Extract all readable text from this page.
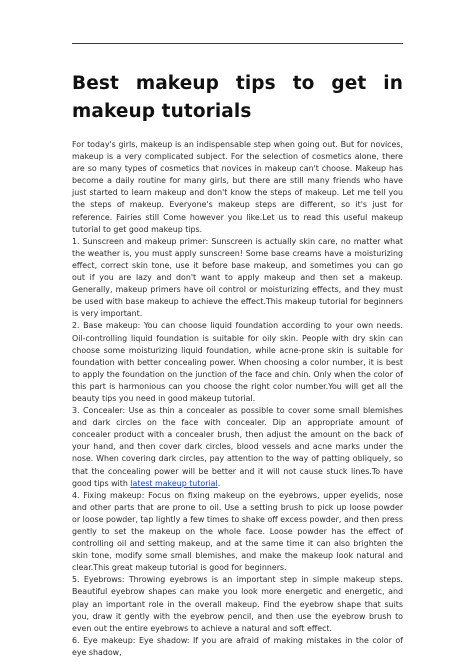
Best makeup tips to get in makeup tutorials

For today's girls, makeup is an indispensable step when going out. But for novices, makeup is a very complicated subject. For the selection of cosmetics alone, there are so many types of cosmetics that novices in makeup can't choose. Makeup has become a daily routine for many girls, but there are still many friends who have just started to learn makeup and don't know the steps of makeup. Let me tell you the steps of makeup. Everyone's makeup steps are different, so it's just for reference. Fairies still Come however you like.Let us to read this useful makeup tutorial to get good makeup tips.

1. Sunscreen and makeup primer: Sunscreen is actually skin care, no matter what the weather is, you must apply sunscreen! Some base creams have a moisturizing effect, correct skin tone, use it before base makeup, and sometimes you can go out if you are lazy and don't want to apply makeup and then set a makeup. Generally, makeup primers have oil control or moisturizing effects, and they must be used with base makeup to achieve the effect.This makeup tutorial for beginners is very important.

2. Base makeup: You can choose liquid foundation according to your own needs. Oil-controlling liquid foundation is suitable for oily skin. People with dry skin can choose some moisturizing liquid foundation, while acne-prone skin is suitable for foundation with better concealing power. When choosing a color number, it is best to apply the foundation on the junction of the face and chin. Only when the color of this part is harmonious can you choose the right color number.You will get all the beauty tips you need in good makeup tutorial.

3. Concealer: Use as thin a concealer as possible to cover some small blemishes and dark circles on the face with concealer. Dip an appropriate amount of concealer product with a concealer brush, then adjust the amount on the back of your hand, and then cover dark circles, blood vessels and acne marks under the nose. When covering dark circles, pay attention to the way of patting obliquely, so that the concealing power will be better and it will not cause stuck lines.To have good tips with latest makeup tutorial.

4. Fixing makeup: Focus on fixing makeup on the eyebrows, upper eyelids, nose and other parts that are prone to oil. Use a setting brush to pick up loose powder or loose powder, tap lightly a few times to shake off excess powder, and then press gently to set the makeup on the whole face. Loose powder has the effect of controlling oil and setting makeup, and at the same time it can also brighten the skin tone, modify some small blemishes, and make the makeup look natural and clear.This great makeup tutorial is good for beginners.

5. Eyebrows: Throwing eyebrows is an important step in simple makeup steps. Beautiful eyebrow shapes can make you look more energetic and energetic, and play an important role in the overall makeup. Find the eyebrow shape that suits you, draw it gently with the eyebrow pencil, and then use the eyebrow brush to even out the entire eyebrows to achieve a natural and soft effect.

6. Eye makeup: Eye shadow: If you are afraid of making mistakes in the color of eye shadow,
